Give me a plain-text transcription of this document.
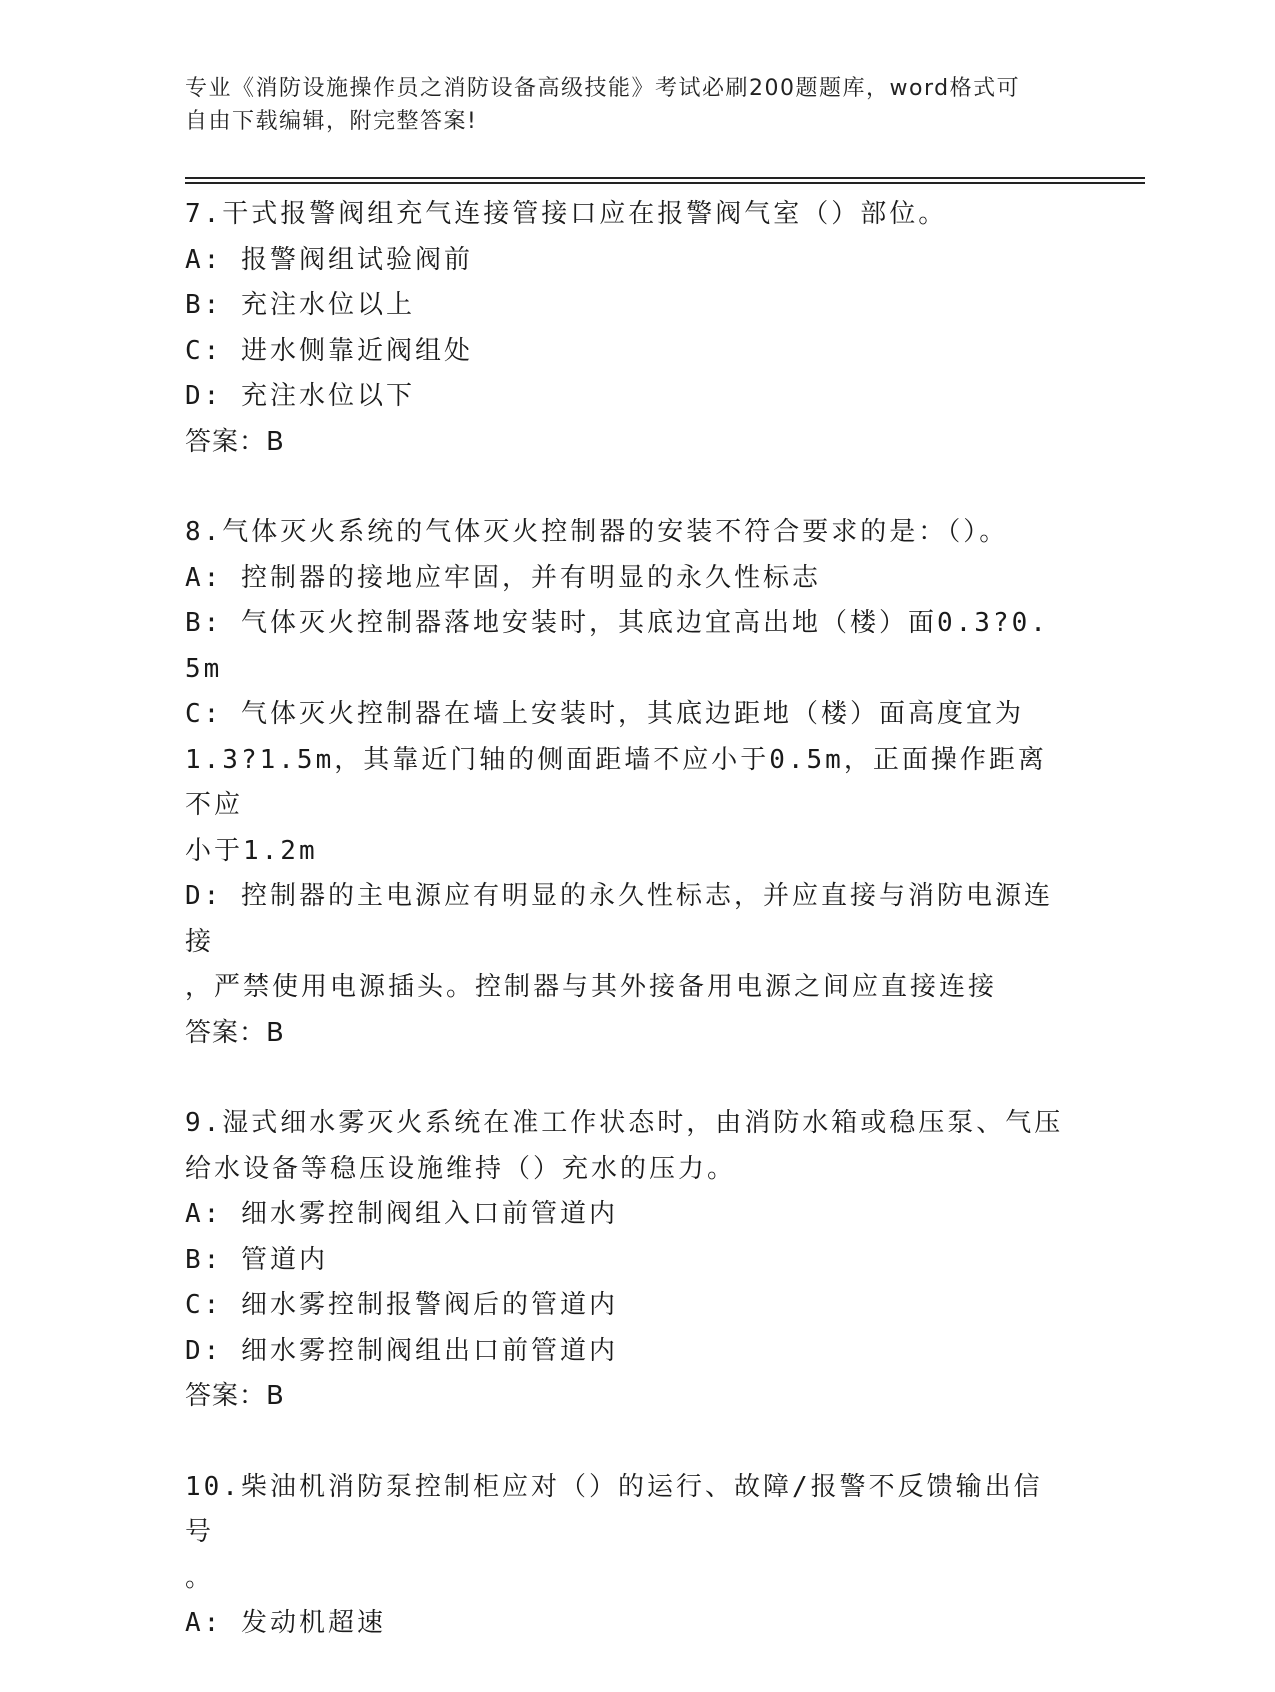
专业《消防设施操作员之消防设备高级技能》考试必刷200题题库，word格式可
自由下载编辑，附完整答案!
7.干式报警阀组充气连接管接口应在报警阀气室（）部位。
A: 报警阀组试验阀前
B: 充注水位以上
C: 进水侧靠近阀组处
D: 充注水位以下
答案：B
8.气体灭火系统的气体灭火控制器的安装不符合要求的是：（）。
A: 控制器的接地应牢固，并有明显的永久性标志
B: 气体灭火控制器落地安装时，其底边宜高出地（楼）面0.3?0.5m
C: 气体灭火控制器在墙上安装时，其底边距地（楼）面高度宜为
1.3?1.5m，其靠近门轴的侧面距墙不应小于0.5m，正面操作距离不应
小于1.2m
D: 控制器的主电源应有明显的永久性标志，并应直接与消防电源连接
，严禁使用电源插头。控制器与其外接备用电源之间应直接连接
答案：B
9.湿式细水雾灭火系统在准工作状态时，由消防水箱或稳压泵、气压
给水设备等稳压设施维持（）充水的压力。
A: 细水雾控制阀组入口前管道内
B: 管道内
C: 细水雾控制报警阀后的管道内
D: 细水雾控制阀组出口前管道内
答案：B
10.柴油机消防泵控制柜应对（）的运行、故障/报警不反馈输出信号
。
A: 发动机超速
